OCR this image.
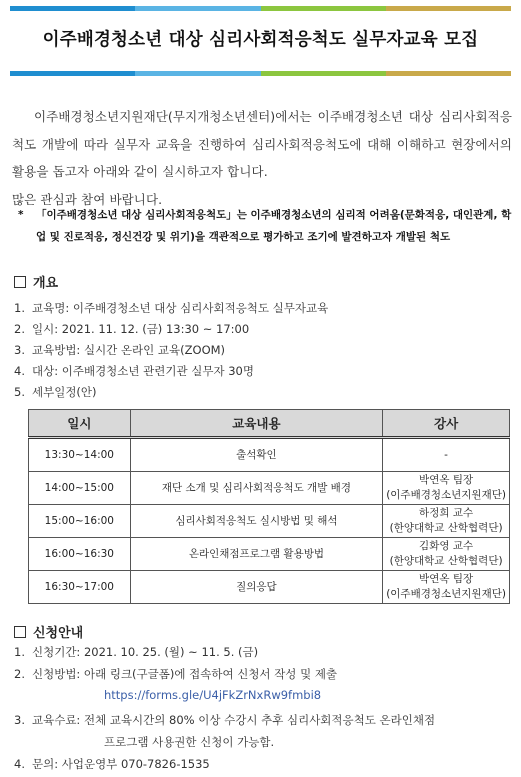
이주배경청소년 대상 심리사회적응척도 실무자교육 모집

이주배경청소년지원재단(무지개청소년센터)에서는 이주배경청소년 대상 심리사회적응척도 개발에 따라 실무자 교육을 진행하여 심리사회적응척도에 대해 이해하고 현장에서의 활용을 돕고자 아래와 같이 실시하고자 합니다.

많은 관심과 참여 바랍니다.

*	「이주배경청소년 대상 심리사회적응척도」는 이주배경청소년의 심리적 어려움(문화적응, 대인관계, 학업 및 진로적응, 정신건강 및 위기)을 객관적으로 평가하고 조기에 발견하고자 개발된 척도
개요
1. 교육명: 이주배경청소년 대상 심리사회적응척도 실무자교육
2. 일시: 2021. 11. 12. (금) 13:30 ~ 17:00
3. 교육방법: 실시간 온라인 교육(ZOOM)
4. 대상: 이주배경청소년 관련기관 실무자 30명
5. 세부일정(안)
일시	교육내용	강사
13:30~14:00	출석확인	-
14:00~15:00	재단 소개 및 심리사회적응척도 개발 배경	박연옥 팀장
(이주배경청소년지원재단)

15:00~16:00	심리사회적응척도 실시방법 및 해석	하정희 교수
(한양대학교 산학협력단)

16:00~16:30	온라인채점프로그램 활용방법	김화영 교수
(한양대학교 산학협력단)

16:30~17:00	질의응답	박연옥 팀장
(이주배경청소년지원재단)
신청안내
1. 신청기간: 2021. 10. 25. (월) ~ 11. 5. (금)
2. 신청방법: 아래 링크(구글폼)에 접속하여 신청서 작성 및 제출
https://forms.gle/U4jFkZrNxRw9fmbi8
3. 교육수료: 전체 교육시간의 80% 이상 수강시 추후 심리사회적응척도 온라인채점
프로그램 사용권한 신청이 가능함.
4. 문의: 사업운영부 070-7826-1535
